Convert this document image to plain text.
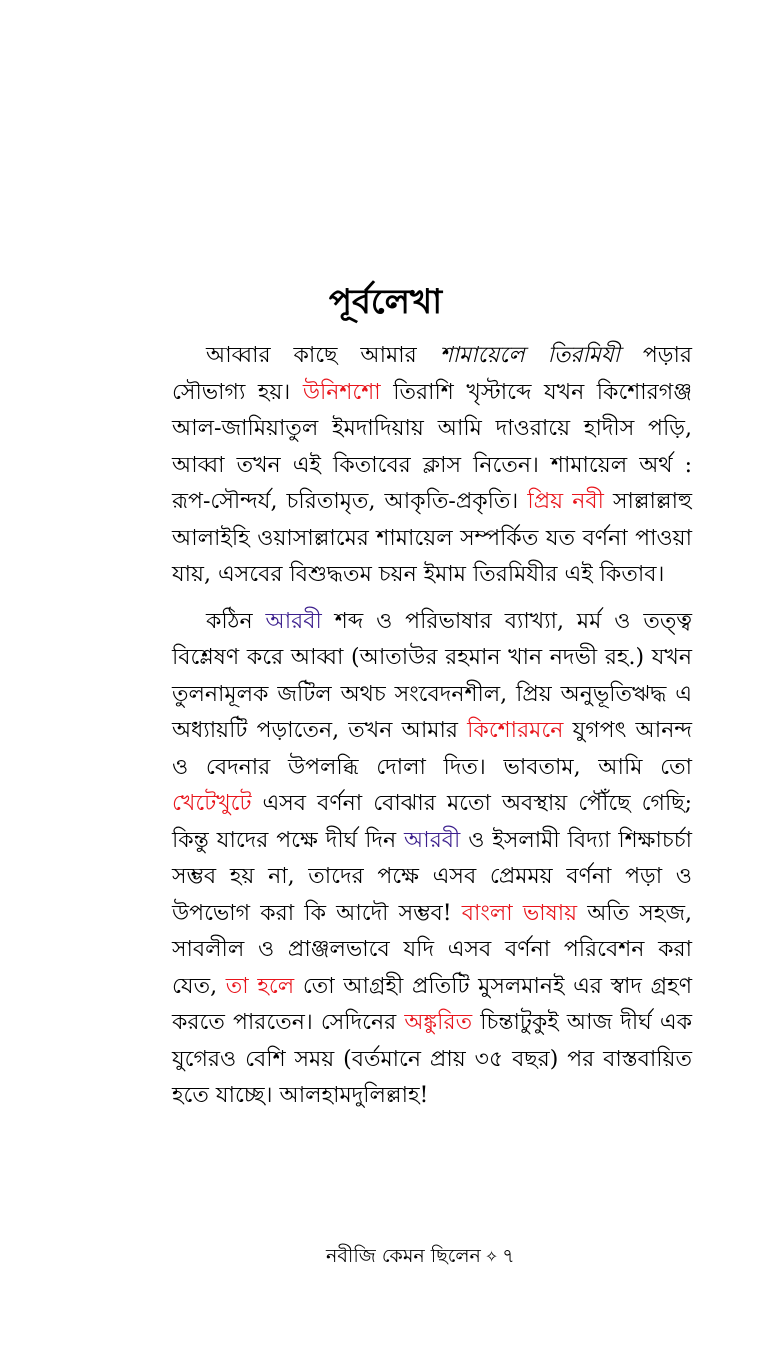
পূর্বলেখা

আব্বার কাছে আমার শামায়েলে তিরমিযী পড়ার সৌভাগ্য হয়। উনিশশো তিরাশি খৃস্টাব্দে যখন কিশোরগঞ্জ আল-জামিয়াতুল ইমদাদিয়ায় আমি দাওরায়ে হাদীস পড়ি, আব্বা তখন এই কিতাবের ক্লাস নিতেন। শামায়েল অর্থ : রূপ-সৌন্দর্য, চরিতামৃত, আকৃতি-প্রকৃতি। প্রিয় নবী সাল্লাল্লাহু আলাইহি ওয়াসাল্লামের শামায়েল সম্পর্কিত যত বর্ণনা পাওয়া যায়, এসবের বিশুদ্ধতম চয়ন ইমাম তিরমিযীর এই কিতাব।

কঠিন আরবী শব্দ ও পরিভাষার ব্যাখ্যা, মর্ম ও তত্ত্ব বিশ্লেষণ করে আব্বা (আতাউর রহমান খান নদভী রহ.) যখন তুলনামূলক জটিল অথচ সংবেদনশীল, প্রিয় অনুভূতিঋদ্ধ এ অধ্যায়টি পড়াতেন, তখন আমার কিশোরমনে যুগপৎ আনন্দ ও বেদনার উপলব্ধি দোলা দিত। ভাবতাম, আমি তো খেটেখুটে এসব বর্ণনা বোঝার মতো অবস্থায় পৌঁছে গেছি; কিন্তু যাদের পক্ষে দীর্ঘ দিন আরবী ও ইসলামী বিদ্যা শিক্ষাচর্চা সম্ভব হয় না, তাদের পক্ষে এসব প্রেমময় বর্ণনা পড়া ও উপভোগ করা কি আদৌ সম্ভব! বাংলা ভাষায় অতি সহজ, সাবলীল ও প্রাঞ্জলভাবে যদি এসব বর্ণনা পরিবেশন করা যেত, তা হলে তো আগ্রহী প্রতিটি মুসলমানই এর স্বাদ গ্রহণ করতে পারতেন। সেদিনের অঙ্কুরিত চিন্তাটুকুই আজ দীর্ঘ এক যুগেরও বেশি সময় (বর্তমানে প্রায় ৩৫ বছর) পর বাস্তবায়িত হতে যাচ্ছে। আলহামদুলিল্লাহ!

নবীজি কেমন ছিলেন ✧ ৭
